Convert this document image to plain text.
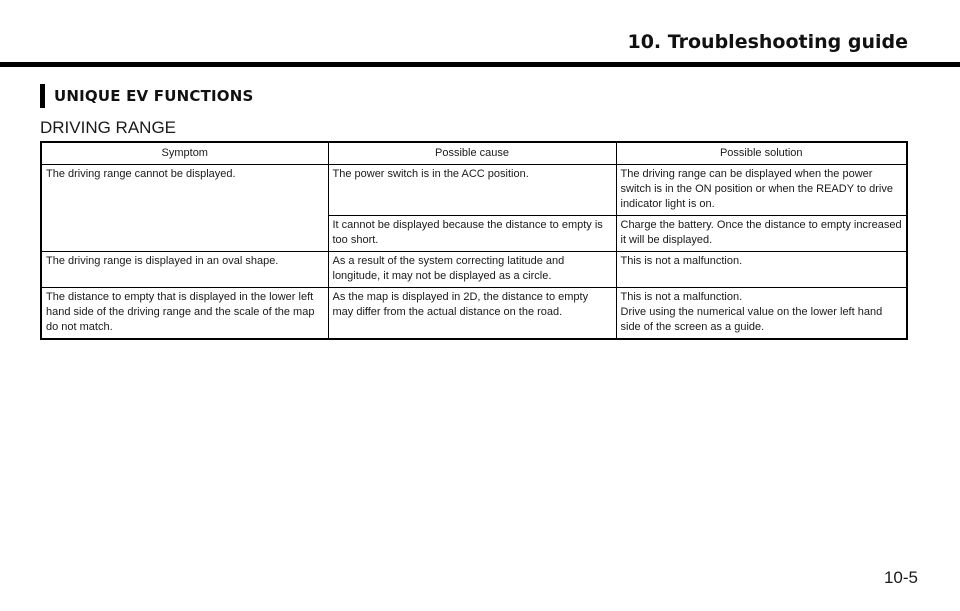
10. Troubleshooting guide
UNIQUE EV FUNCTIONS
DRIVING RANGE
Symptom	Possible cause	Possible solution
The driving range cannot be displayed.	The power switch is in the ACC position.	The driving range can be displayed when the power switch is in the ON position or when the READY to drive indicator light is on.

	It cannot be displayed because the distance to empty is too short.	Charge the battery. Once the distance to empty increased it will be displayed.

The driving range is displayed in an oval shape.	As a result of the system correcting latitude and longitude, it may not be displayed as a circle.	This is not a malfunction.

The distance to empty that is displayed in the lower left hand side of the driving range and the scale of the map do not match.	As the map is displayed in 2D, the distance to empty may differ from the actual distance on the road.	This is not a malfunction.
Drive using the numerical value on the lower left hand side of the screen as a guide.
10-5
